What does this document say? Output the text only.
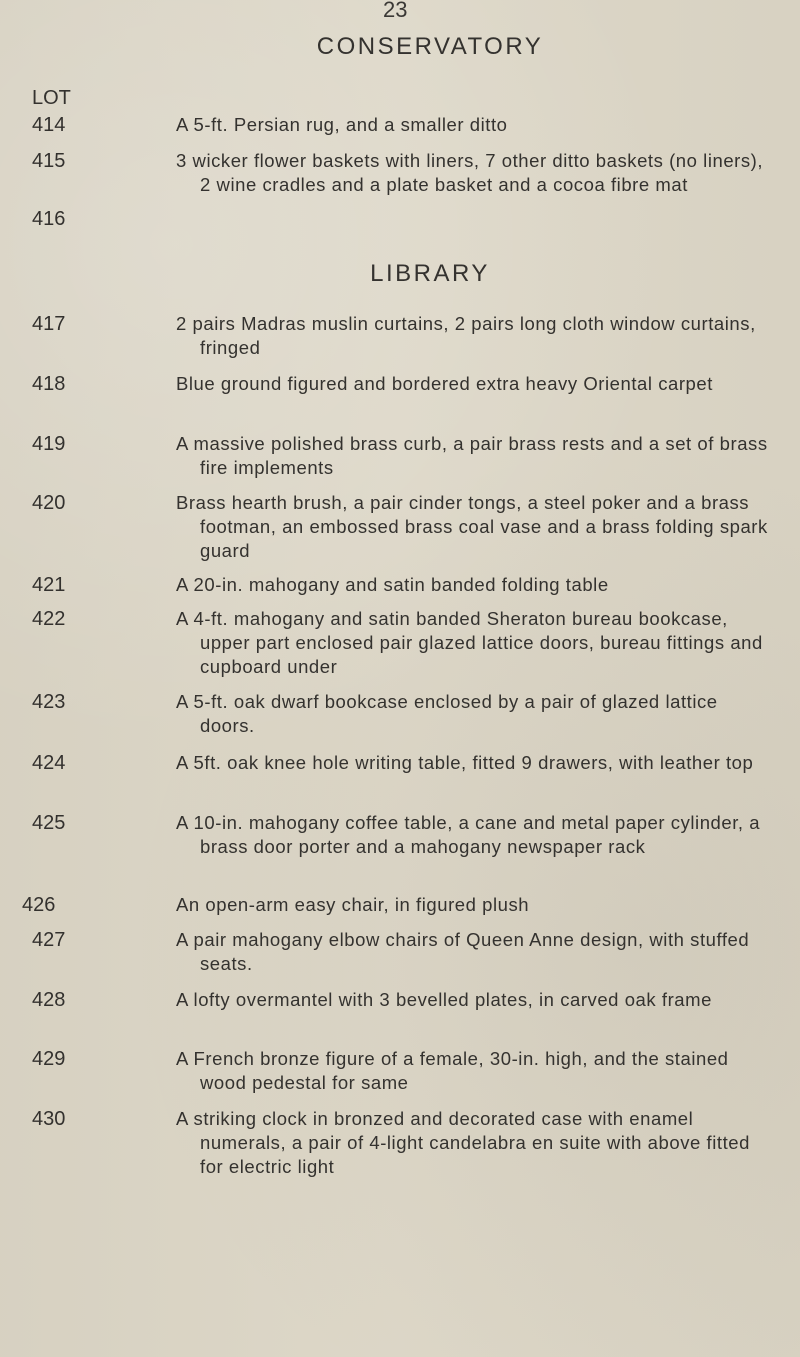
23
LOT
CONSERVATORY
414	A 5-ft. Persian rug, and a smaller ditto
415	3 wicker flower baskets with liners, 7 other ditto baskets (no liners), 2 wine cradles and a plate basket and a cocoa fibre mat
416
LIBRARY
417	2 pairs Madras muslin curtains, 2 pairs long cloth window curtains, fringed
418	Blue ground figured and bordered extra heavy Oriental carpet
419	A massive polished brass curb, a pair brass rests and a set of brass fire implements
420	Brass hearth brush, a pair cinder tongs, a steel poker and a brass footman, an embossed brass coal vase and a brass folding spark guard
421	A 20-in. mahogany and satin banded folding table
422	A 4-ft. mahogany and satin banded Sheraton bureau bookcase, upper part enclosed pair glazed lattice doors, bureau fittings and cupboard under
423	A 5-ft. oak dwarf bookcase enclosed by a pair of glazed lattice doors.
424	A 5ft. oak knee hole writing table, fitted 9 drawers, with leather top
425	A 10-in. mahogany coffee table, a cane and metal paper cylinder, a brass door porter and a mahogany newspaper rack
426	An open-arm easy chair, in figured plush
427	A pair mahogany elbow chairs of Queen Anne design, with stuffed seats.
428	A lofty overmantel with 3 bevelled plates, in carved oak frame
429	A French bronze figure of a female, 30-in. high, and the stained wood pedestal for same
430	A striking clock in bronzed and decorated case with enamel numerals, a pair of 4-light candelabra en suite with above fitted for electric light
